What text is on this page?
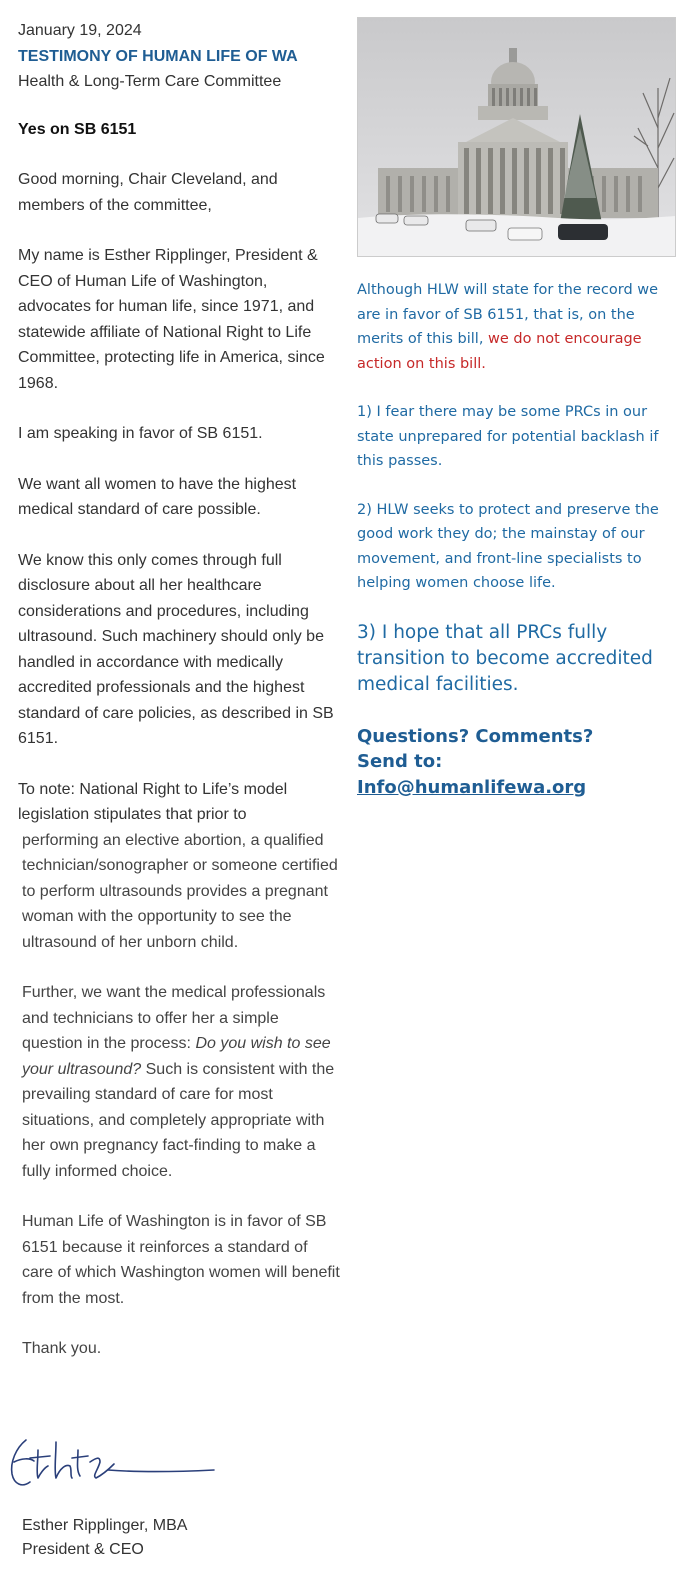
January 19, 2024

TESTIMONY OF HUMAN LIFE OF WA

Health & Long-Term Care Committee

Yes on SB 6151

Good morning, Chair Cleveland, and members of the committee,

My name is Esther Ripplinger, President & CEO of Human Life of Washington, advocates for human life, since 1971, and statewide affiliate of National Right to Life Committee, protecting life in America, since 1968.

I am speaking in favor of SB 6151.

We want all women to have the highest medical standard of care possible.

We know this only comes through full disclosure about all her healthcare considerations and procedures, including ultrasound. Such machinery should only be handled in accordance with medically accredited professionals and the highest standard of care policies, as described in SB 6151.

To note: National Right to Life’s model legislation stipulates that prior to

performing an elective abortion, a qualified technician/sonographer or someone certified to perform ultrasounds provides a pregnant woman with the opportunity to see the ultrasound of her unborn child.

Further, we want the medical professionals and technicians to offer her a simple question in the process: Do you wish to see your ultrasound? Such is consistent with the prevailing standard of care for most situations, and completely appropriate with her own pregnancy fact-finding to make a fully informed choice.

Human Life of Washington is in favor of SB 6151 because it reinforces a standard of care of which Washington women will benefit from the most.

Thank you.

Esther Ripplinger, MBA
President & CEO

Although HLW will state for the record we are in favor of SB 6151, that is, on the merits of this bill, we do not encourage action on this bill.

1) I fear there may be some PRCs in our state unprepared for potential backlash if this passes.

2) HLW seeks to protect and preserve the good work they do; the mainstay of our movement, and front-line specialists to helping women choose life.

3) I hope that all PRCs fully transition to become accredited medical facilities.

Questions? Comments?
Send to:
Info@humanlifewa.org
